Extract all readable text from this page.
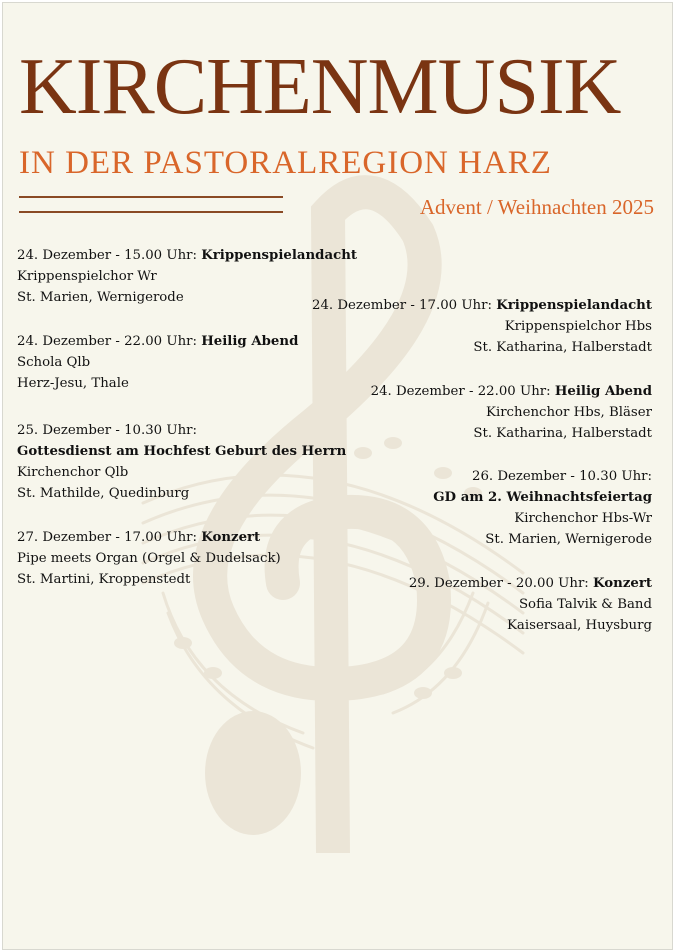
KIRCHENMUSIK
IN DER PASTORALREGION HARZ
Advent / Weihnachten 2025
24. Dezember - 15.00 Uhr: Krippenspielandacht
Krippenspielchor Wr
St. Marien, Wernigerode
24. Dezember - 22.00 Uhr: Heilig Abend
Schola Qlb
Herz-Jesu, Thale
25. Dezember - 10.30 Uhr:
Gottesdienst am Hochfest Geburt des Herrn
Kirchenchor Qlb
St. Mathilde, Quedinburg
27. Dezember - 17.00 Uhr: Konzert
Pipe meets Organ (Orgel & Dudelsack)
St. Martini, Kroppenstedt
24. Dezember - 17.00 Uhr: Krippenspielandacht
Krippenspielchor Hbs
St. Katharina, Halberstadt
24. Dezember - 22.00 Uhr: Heilig Abend
Kirchenchor Hbs, Bläser
St. Katharina, Halberstadt
26. Dezember - 10.30 Uhr:
GD am 2. Weihnachtsfeiertag
Kirchenchor Hbs-Wr
St. Marien, Wernigerode
29. Dezember - 20.00 Uhr: Konzert
Sofia Talvik & Band
Kaisersaal, Huysburg
